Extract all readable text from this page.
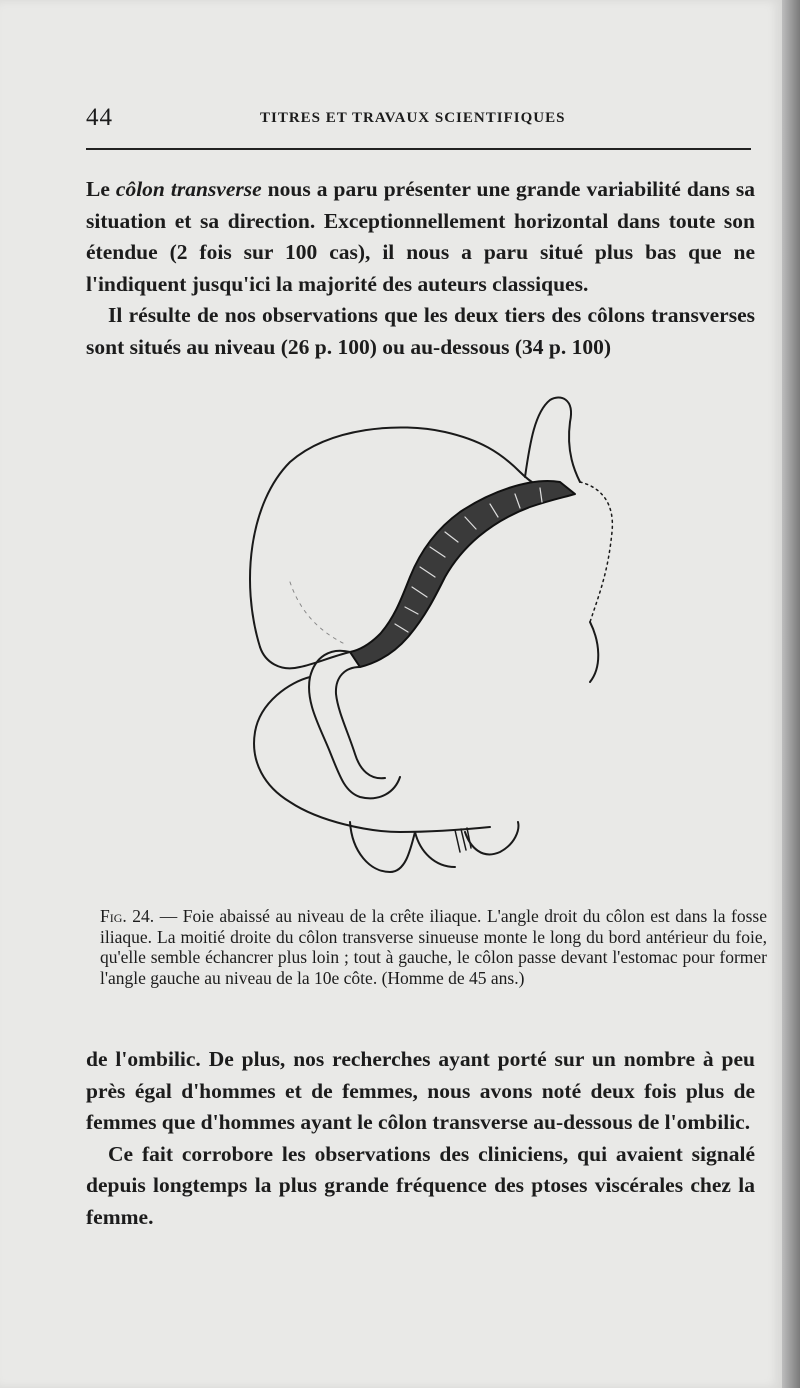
44	TITRES ET TRAVAUX SCIENTIFIQUES

Le côlon transverse nous a paru présenter une grande variabilité dans sa situation et sa direction. Exceptionnellement horizontal dans toute son étendue (2 fois sur 100 cas), il nous a paru situé plus bas que ne l'indiquent jusqu'ici la majorité des auteurs classiques.

Il résulte de nos observations que les deux tiers des côlons transverses sont situés au niveau (26 p. 100) ou au-dessous (34 p. 100)

Fig. 24. — Foie abaissé au niveau de la crête iliaque. L'angle droit du côlon est dans la fosse iliaque. La moitié droite du côlon transverse sinueuse monte le long du bord antérieur du foie, qu'elle semble échancrer plus loin ; tout à gauche, le côlon passe devant l'estomac pour former l'angle gauche au niveau de la 10e côte. (Homme de 45 ans.)

de l'ombilic. De plus, nos recherches ayant porté sur un nombre à peu près égal d'hommes et de femmes, nous avons noté deux fois plus de femmes que d'hommes ayant le côlon transverse au-dessous de l'ombilic.

Ce fait corrobore les observations des cliniciens, qui avaient signalé depuis longtemps la plus grande fréquence des ptoses viscérales chez la femme.
